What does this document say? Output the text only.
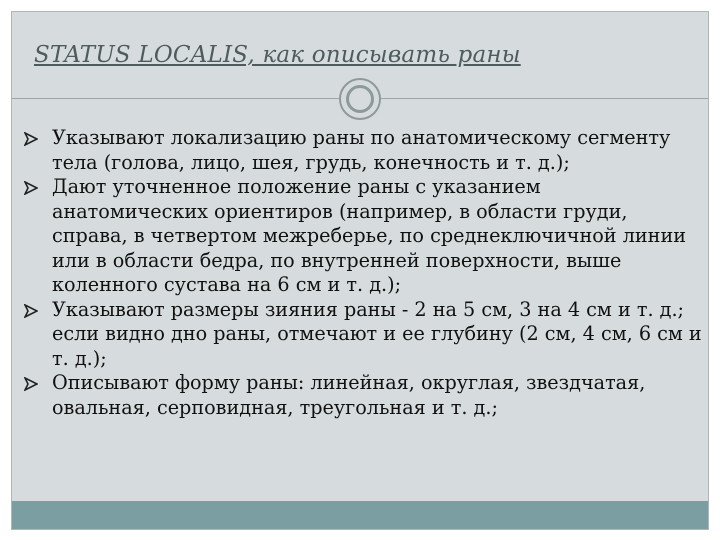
STATUS LOCALIS, как описывать раны
Указывают локализацию раны по анатомическому сегменту тела (голова, лицо, шея, грудь, конечность и т. д.);
Дают уточненное положение раны с указанием анатомических ориентиров (например, в области груди, справа, в четвертом межреберье, по среднеключичной линии или в области бедра, по внутренней поверхности, выше коленного сустава на 6 см и т. д.);
Указывают размеры зияния раны - 2 на 5 см, 3 на 4 см и т. д.; если видно дно раны, отмечают и ее глубину (2 см, 4 см, 6 см и т. д.);
Описывают форму раны: линейная, округлая, звездчатая, овальная, серповидная, треугольная и т. д.;
